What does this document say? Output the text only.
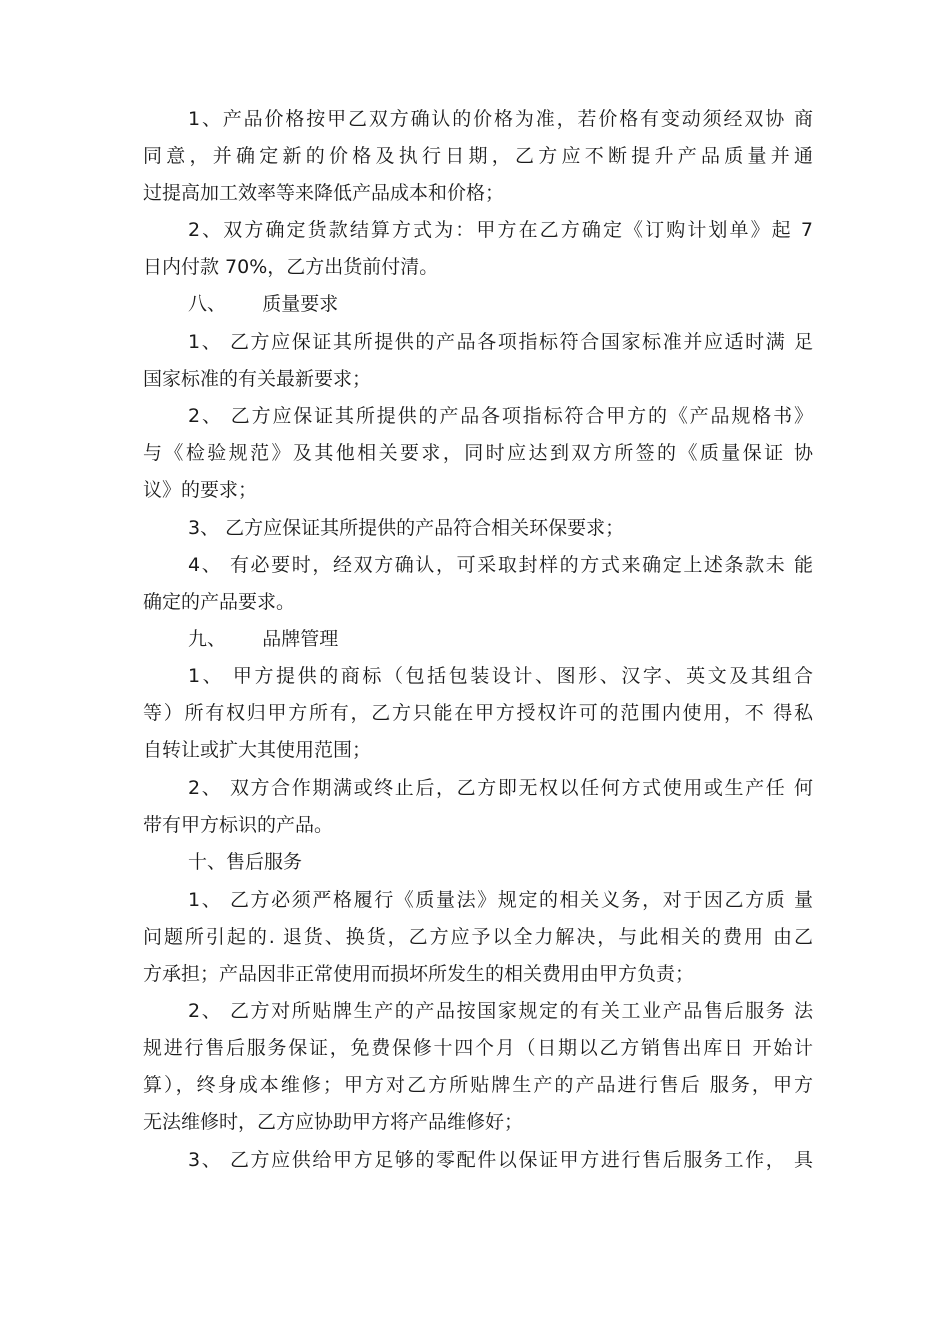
1、产品价格按甲乙双方确认的价格为准，若价格有变动须经双协 商
同意，并确定新的价格及执行日期，乙方应不断提升产品质量并通
过提高加工效率等来降低产品成本和价格；
2、双方确定货款结算方式为：甲方在乙方确定《订购计划单》起 7
日内付款 70%，乙方出货前付清。
八、      质量要求
1、 乙方应保证其所提供的产品各项指标符合国家标准并应适时满 足
国家标准的有关最新要求；
2、 乙方应保证其所提供的产品各项指标符合甲方的《产品规格书》
与《检验规范》及其他相关要求，同时应达到双方所签的《质量保证 协
议》的要求；
3、 乙方应保证其所提供的产品符合相关环保要求；
4、 有必要时，经双方确认，可采取封样的方式来确定上述条款未 能
确定的产品要求。
九、      品牌管理
1、 甲方提供的商标（包括包装设计、图形、汉字、英文及其组合
等）所有权归甲方所有，乙方只能在甲方授权许可的范围内使用，不 得私
自转让或扩大其使用范围；
2、 双方合作期满或终止后，乙方即无权以任何方式使用或生产任 何
带有甲方标识的产品。
十、售后服务
1、 乙方必须严格履行《质量法》规定的相关义务，对于因乙方质 量
问题所引起的. 退货、换货，乙方应予以全力解决，与此相关的费用 由乙
方承担；产品因非正常使用而损坏所发生的相关费用由甲方负责；
2、 乙方对所贴牌生产的产品按国家规定的有关工业产品售后服务 法
规进行售后服务保证，免费保修十四个月（日期以乙方销售出库日 开始计
算），终身成本维修；甲方对乙方所贴牌生产的产品进行售后 服务，甲方
无法维修时，乙方应协助甲方将产品维修好；
3、 乙方应供给甲方足够的零配件以保证甲方进行售后服务工作， 具
